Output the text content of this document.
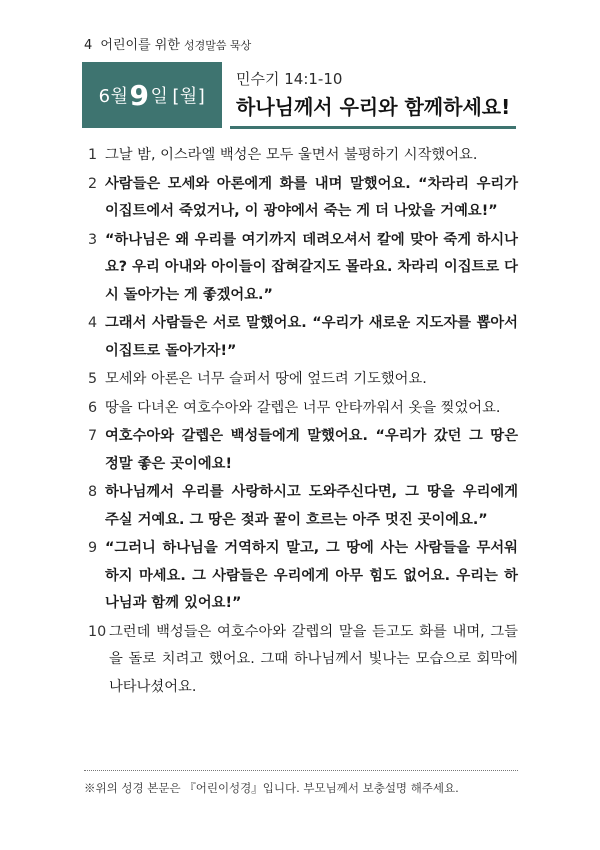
4 어린이를 위한 성경말씀 묵상
6월 9 일 [월]
민수기 14:1-10
하나님께서 우리와 함께하세요!
1 그날 밤, 이스라엘 백성은 모두 울면서 불평하기 시작했어요.
2 사람들은 모세와 아론에게 화를 내며 말했어요. “차라리 우리가 이집트에서 죽었거나, 이 광야에서 죽는 게 더 나았을 거예요!”
3 “하나님은 왜 우리를 여기까지 데려오셔서 칼에 맞아 죽게 하시나요? 우리 아내와 아이들이 잡혀갈지도 몰라요. 차라리 이집트로 다시 돌아가는 게 좋겠어요.”
4 그래서 사람들은 서로 말했어요. “우리가 새로운 지도자를 뽑아서 이집트로 돌아가자!”
5 모세와 아론은 너무 슬퍼서 땅에 엎드려 기도했어요.
6 땅을 다녀온 여호수아와 갈렙은 너무 안타까워서 옷을 찢었어요.
7 여호수아와 갈렙은 백성들에게 말했어요. “우리가 갔던 그 땅은 정말 좋은 곳이에요!
8 하나님께서 우리를 사랑하시고 도와주신다면, 그 땅을 우리에게 주실 거예요. 그 땅은 젖과 꿀이 흐르는 아주 멋진 곳이에요.”
9 “그러니 하나님을 거역하지 말고, 그 땅에 사는 사람들을 무서워하지 마세요. 그 사람들은 우리에게 아무 힘도 없어요. 우리는 하나님과 함께 있어요!”
10 그런데 백성들은 여호수아와 갈렙의 말을 듣고도 화를 내며, 그들을 돌로 치려고 했어요. 그때 하나님께서 빛나는 모습으로 회막에 나타나셨어요.
※위의 성경 본문은 『어린이성경』입니다. 부모님께서 보충설명 해주세요.
